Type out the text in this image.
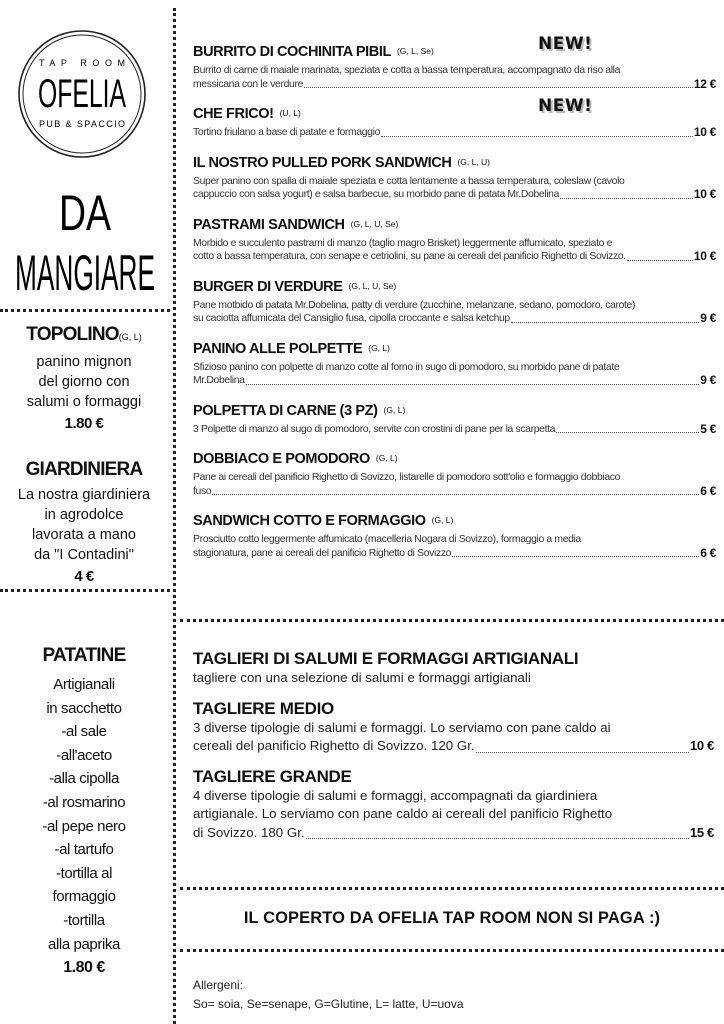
TAP ROOM
OFELIA
PUB & SPACCIO
DA
MANGIARE
TOPOLINO(G, L)
panino mignon
del giorno con
salumi o formaggi
1.80 €
GIARDINIERA
La nostra giardiniera
in agrodolce
lavorata a mano
da "I Contadini"
4 €
PATATINE
Artigianali
in sacchetto
-al sale
-all'aceto
-alla cipolla
-al rosmarino
-al pepe nero
-al tartufo
-tortilla al
formaggio
-tortilla
alla paprika
1.80 €
BURRITO DI COCHINITA PIBIL (G, L, Se)
Burrito di carne di maiale marinata, speziata e cotta a bassa temperatura, accompagnato da riso alla
messicana con le verdure	12 €
NEW!
CHE FRICO! (U, L)
Tortino friulano a base di patate e formaggio	10 €
NEW!
IL NOSTRO PULLED PORK SANDWICH (G, L, U)
Super panino con spalla di maiale speziata e cotta lentamente a bassa temperatura, coleslaw (cavolo
cappuccio con salsa yogurt) e salsa barbecue, su morbido pane di patata Mr.Dobelina	10 €
PASTRAMI SANDWICH (G, L, U, Se)
Morbido e succulento pastrami di manzo (taglio magro Brisket) leggermente affumicato, speziato e
cotto a bassa temperatura, con senape e cetriolini, su pane ai cereali del panificio Righetto di Sovizzo.	10 €
BURGER DI VERDURE (G, L, U, Se)
Pane motbido di patata Mr.Dobelina, patty di verdure (zucchine, melanzane, sedano, pomodoro, carote)
su caciotta affumicata del Cansiglio fusa, cipolla croccante e salsa ketchup	9 €
PANINO ALLE POLPETTE (G, L)
Sfizioso panino con polpette di manzo cotte al forno in sugo di pomodoro, su morbido pane di patate
Mr.Dobelina	9 €
POLPETTA DI CARNE (3 PZ) (G, L)
3 Polpette di manzo al sugo di pomodoro, servite con crostini di pane per la scarpetta	5 €
DOBBIACO E POMODORO (G, L)
Pane ai cereali del panificio Righetto di Sovizzo, listarelle di pomodoro sott'olio e formaggio dobbiaco
fuso	6 €
SANDWICH COTTO E FORMAGGIO (G, L)
Prosciutto cotto leggermente affumicato (macelleria Nogara di Sovizzo), formaggio a media
stagionatura, pane ai cereali del panificio Righetto di Sovizzo	6 €
TAGLIERI DI SALUMI E FORMAGGI ARTIGIANALI
tagliere con una selezione di salumi e formaggi artigianali
TAGLIERE MEDIO
3 diverse tipologie di salumi e formaggi. Lo serviamo con pane caldo ai
cereali del panificio Righetto di Sovizzo. 120 Gr.	10 €
TAGLIERE GRANDE
4 diverse tipologie di salumi e formaggi, accompagnati da giardiniera
artigianale. Lo serviamo con pane caldo ai cereali del panificio Righetto
di Sovizzo. 180 Gr.	15 €
IL COPERTO DA OFELIA TAP ROOM NON SI PAGA :)
Allergeni:
So= soia, Se=senape, G=Glutine, L= latte, U=uova
